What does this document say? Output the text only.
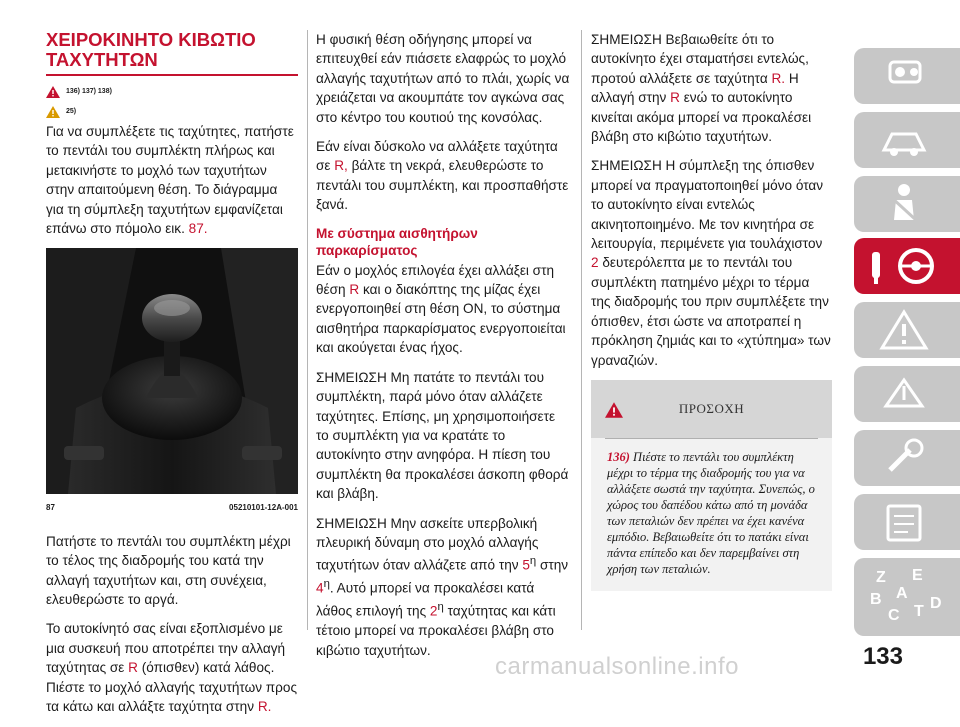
ΧΕΙΡΟΚΙΝΗΤΟ ΚΙΒΩΤΙΟ
ΤΑΧΥΤΗΤΩΝ
136) 137) 138)
25)

Για να συμπλέξετε τις ταχύτητες, πατήστε το πεντάλι του συμπλέκτη πλήρως και μετακινήστε το μοχλό των ταχυτήτων στην απαιτούμενη θέση. Το διάγραμμα για τη σύμπλεξη ταχυτήτων εμφανίζεται επάνω στο πόμολο εικ. 87.

87	05210101-12A-001

Πατήστε το πεντάλι του συμπλέκτη μέχρι το τέλος της διαδρομής του κατά την αλλαγή ταχυτήτων και, στη συνέχεια, ελευθερώστε το αργά.

Το αυτοκίνητό σας είναι εξοπλισμένο με μια συσκευή που αποτρέπει την αλλαγή ταχύτητας σε R (όπισθεν) κατά λάθος. Πιέστε το μοχλό αλλαγής ταχυτήτων προς τα κάτω και αλλάξτε ταχύτητα στην R.

Η φυσική θέση οδήγησης μπορεί να επιτευχθεί εάν πιάσετε ελαφρώς το μοχλό αλλαγής ταχυτήτων από το πλάι, χωρίς να χρειάζεται να ακουμπάτε τον αγκώνα σας στο κέντρο του κουτιού της κονσόλας.

Εάν είναι δύσκολο να αλλάξετε ταχύτητα σε R, βάλτε τη νεκρά, ελευθερώστε το πεντάλι του συμπλέκτη, και προσπαθήστε ξανά.

Με σύστημα αισθητήρων παρκαρίσματος

Εάν ο μοχλός επιλογέα έχει αλλάξει στη θέση R και ο διακόπτης της μίζας έχει ενεργοποιηθεί στη θέση ON, το σύστημα αισθητήρα παρκαρίσματος ενεργοποιείται και ακούγεται ένας ήχος.

ΣΗΜΕΙΩΣΗ Μη πατάτε το πεντάλι του συμπλέκτη, παρά μόνο όταν αλλάζετε ταχύτητες. Επίσης, μη χρησιμοποιήσετε το συμπλέκτη για να κρατάτε το αυτοκίνητο στην ανηφόρα. Η πίεση του συμπλέκτη θα προκαλέσει άσκοπη φθορά και βλάβη.

ΣΗΜΕΙΩΣΗ Μην ασκείτε υπερβολική πλευρική δύναμη στο μοχλό αλλαγής ταχυτήτων όταν αλλάζετε από την $5^\eta$ στην $4^\eta$. Αυτό μπορεί να προκαλέσει κατά λάθος επιλογή της $2^\eta$ ταχύτητας και κάτι τέτοιο μπορεί να προκαλέσει βλάβη στο κιβώτιο ταχυτήτων.

ΣΗΜΕΙΩΣΗ Βεβαιωθείτε ότι το αυτοκίνητο έχει σταματήσει εντελώς, προτού αλλάξετε σε ταχύτητα R. Η αλλαγή στην R ενώ το αυτοκίνητο κινείται ακόμα μπορεί να προκαλέσει βλάβη στο κιβώτιο ταχυτήτων.

ΣΗΜΕΙΩΣΗ Η σύμπλεξη της όπισθεν μπορεί να πραγματοποιηθεί μόνο όταν το αυτοκίνητο είναι εντελώς ακινητοποιημένο. Με τον κινητήρα σε λειτουργία, περιμένετε για τουλάχιστον
2 δευτερόλεπτα με το πεντάλι του συμπλέκτη πατημένο μέχρι το τέρμα της διαδρομής του πριν συμπλέξετε την όπισθεν, έτσι ώστε να αποτραπεί η πρόκληση ζημιάς και το «χτύπημα» των γραναζιών.

ΠΡΟΣΟΧΗ
136) Πιέστε το πεντάλι του συμπλέκτη μέχρι το τέρμα της διαδρομής του για να αλλάξετε σωστά την ταχύτητα. Συνεπώς, ο χώρος του δαπέδου κάτω από τη μονάδα των πεταλιών δεν πρέπει να έχει κανένα εμπόδιο. Βεβαιωθείτε ότι το πατάκι είναι πάντα επίπεδο και δεν παρεμβαίνει στη χρήση των πεταλιών.
Z E
B A
C T D
133
carmanualsonline.info
